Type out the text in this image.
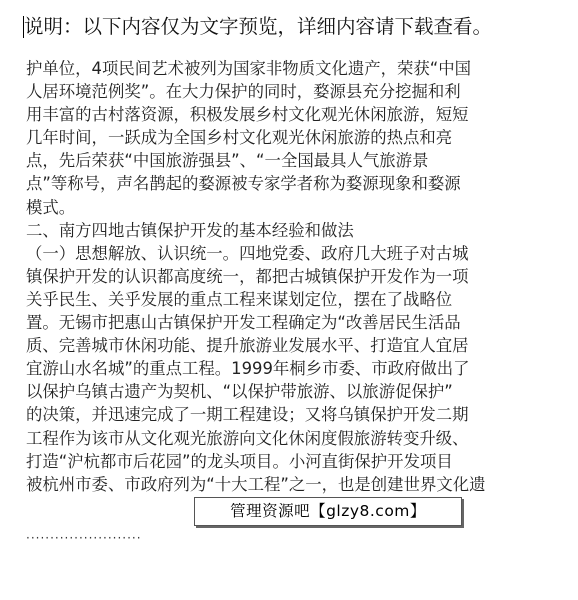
说明：以下内容仅为文字预览，详细内容请下载查看。
护单位，4项民间艺术被列为国家非物质文化遗产，荣获“中国
人居环境范例奖”。在大力保护的同时，婺源县充分挖掘和利
用丰富的古村落资源，积极发展乡村文化观光休闲旅游，短短
几年时间，一跃成为全国乡村文化观光休闲旅游的热点和亮
点，先后荣获“中国旅游强县”、“一全国最具人气旅游景
点”等称号，声名鹊起的婺源被专家学者称为婺源现象和婺源
模式。
二、南方四地古镇保护开发的基本经验和做法
（一）思想解放、认识统一。四地党委、政府几大班子对古城
镇保护开发的认识都高度统一，都把古城镇保护开发作为一项
关乎民生、关乎发展的重点工程来谋划定位，摆在了战略位
置。无锡市把惠山古镇保护开发工程确定为“改善居民生活品
质、完善城市休闲功能、提升旅游业发展水平、打造宜人宜居
宜游山水名城”的重点工程。1999年桐乡市委、市政府做出了
以保护乌镇古遗产为契机、“以保护带旅游、以旅游促保护”
的决策，并迅速完成了一期工程建设；又将乌镇保护开发二期
工程作为该市从文化观光旅游向文化休闲度假旅游转变升级、
打造“沪杭都市后花园”的龙头项目。小河直街保护开发项目
被杭州市委、市政府列为“十大工程”之一，也是创建世界文化遗
························
管理资源吧【glzy8.com】
